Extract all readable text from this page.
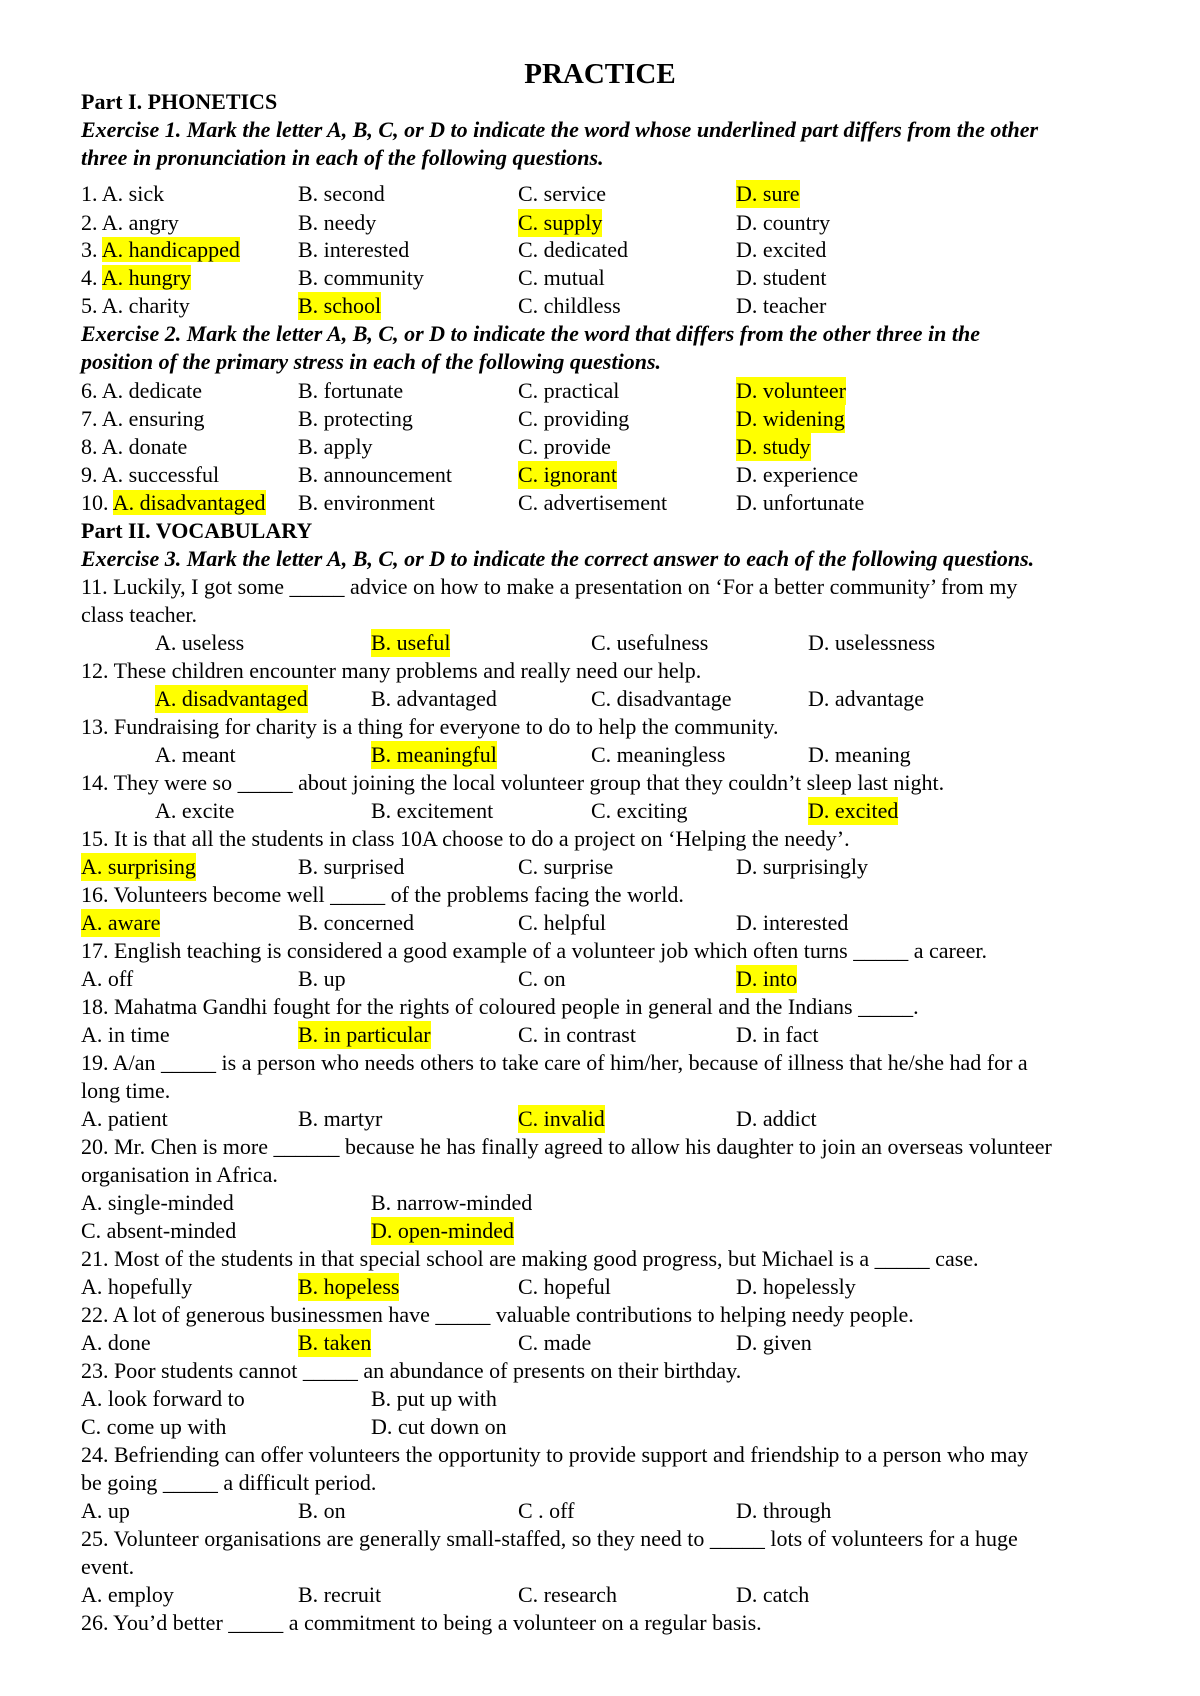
PRACTICE
Part I. PHONETICS
Exercise 1. Mark the letter A, B, C, or D to indicate the word whose underlined part differs from the other
three in pronunciation in each of the following questions.
1. A. sick	B. second	C. service	D. sure
2. A. angry	B. needy	C. supply	D. country
3. A. handicapped	B. interested	C. dedicated	D. excited
4. A. hungry	B. community	C. mutual	D. student
5. A. charity	B. school	C. childless	D. teacher
Exercise 2. Mark the letter A, B, C, or D to indicate the word that differs from the other three in the
position of the primary stress in each of the following questions.
6. A. dedicate	B. fortunate	C. practical	D. volunteer
7. A. ensuring	B. protecting	C. providing	D. widening
8. A. donate	B. apply	C. provide	D. study
9. A. successful	B. announcement	C. ignorant	D. experience
10. A. disadvantaged B. environment	C. advertisement	D. unfortunate
Part II. VOCABULARY
Exercise 3. Mark the letter A, B, C, or D to indicate the correct answer to each of the following questions.
11. Luckily, I got some _____ advice on how to make a presentation on ‘For a better community’ from my
class teacher.
A. useless	B. useful	C. usefulness	D. uselessness
12. These children encounter many problems and really need our help.
A. disadvantaged	B. advantaged	C. disadvantage	D. advantage
13. Fundraising for charity is a thing for everyone to do to help the community.
A. meant	B. meaningful	C. meaningless	D. meaning
14. They were so _____ about joining the local volunteer group that they couldn’t sleep last night.
A. excite	B. excitement	C. exciting	D. excited
15. It is that all the students in class 10A choose to do a project on ‘Helping the needy’.
A. surprising	B. surprised	C. surprise	D. surprisingly
16. Volunteers become well _____ of the problems facing the world.
A. aware	B. concerned	C. helpful	D. interested
17. English teaching is considered a good example of a volunteer job which often turns _____ a career.
A. off	B. up	C. on	D. into
18. Mahatma Gandhi fought for the rights of coloured people in general and the Indians _____.
A. in time	B. in particular	C. in contrast	D. in fact
19. A/an _____ is a person who needs others to take care of him/her, because of illness that he/she had for a
long time.
A. patient	B. martyr	C. invalid	D. addict
20. Mr. Chen is more ______ because he has finally agreed to allow his daughter to join an overseas volunteer
organisation in Africa.
A. single-minded	B. narrow-minded
C. absent-minded	D. open-minded
21. Most of the students in that special school are making good progress, but Michael is a _____ case.
A. hopefully	B. hopeless	C. hopeful	D. hopelessly
22. A lot of generous businessmen have _____ valuable contributions to helping needy people.
A. done	B. taken	C. made	D. given
23. Poor students cannot _____ an abundance of presents on their birthday.
A. look forward to	B. put up with
C. come up with	D. cut down on
24. Befriending can offer volunteers the opportunity to provide support and friendship to a person who may
be going _____ a difficult period.
A. up	B. on	C . off	D. through
25. Volunteer organisations are generally small-staffed, so they need to _____ lots of volunteers for a huge
event.
A. employ	B. recruit	C. research	D. catch
26. You’d better _____ a commitment to being a volunteer on a regular basis.
